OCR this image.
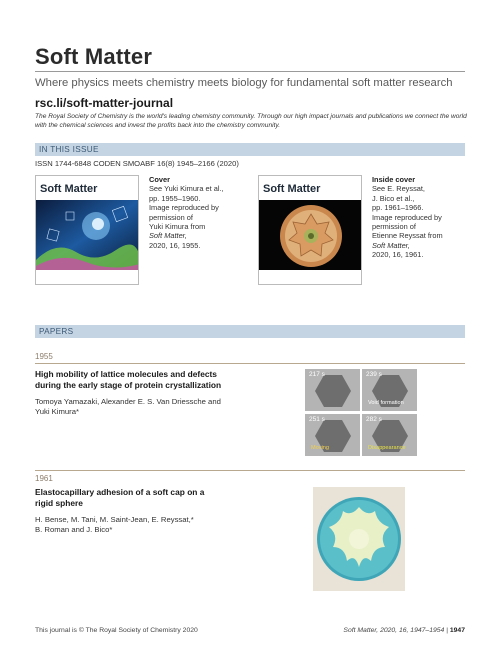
Soft Matter
Where physics meets chemistry meets biology for fundamental soft matter research
rsc.li/soft-matter-journal
The Royal Society of Chemistry is the world's leading chemistry community. Through our high impact journals and publications we connect the world with the chemical sciences and invest the profits back into the chemistry community.
IN THIS ISSUE
ISSN 1744-6848 CODEN SMOABF 16(8) 1945–2166 (2020)
Soft Matter
Cover
See Yuki Kimura et al.,
pp. 1955–1960.
Image reproduced by
permission of
Yuki Kimura from
Soft Matter,
2020, 16, 1955.
Soft Matter
Inside cover
See E. Reyssat,
J. Bico et al.,
pp. 1961–1966.
Image reproduced by
permission of
Etienne Reyssat from
Soft Matter,
2020, 16, 1961.
PAPERS
1955
High mobility of lattice molecules and defects
during the early stage of protein crystallization
Tomoya Yamazaki, Alexander E. S. Van Driessche and
Yuki Kimura*
217 s	239 s
Void formation
251 s
Moving
282 s
Disappearance
1961
Elastocapillary adhesion of a soft cap on a
rigid sphere
H. Bense, M. Tani, M. Saint-Jean, E. Reyssat,*
B. Roman and J. Bico*
This journal is © The Royal Society of Chemistry 2020	Soft Matter, 2020, 16, 1947–1954 | 1947
